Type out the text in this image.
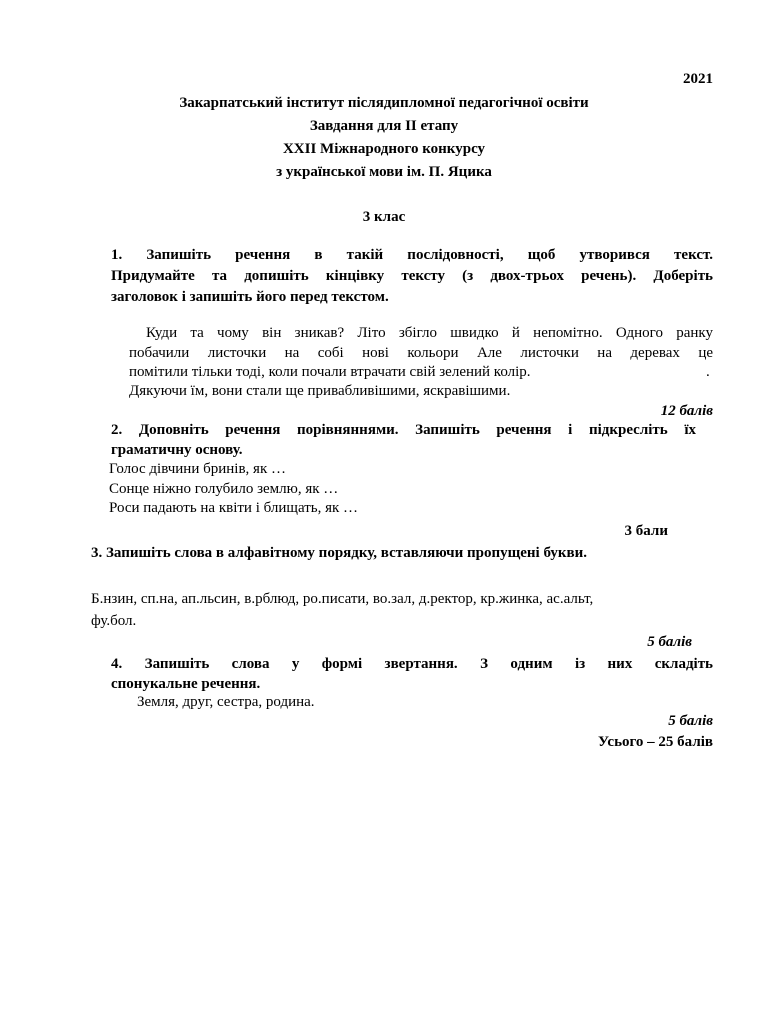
2021
Закарпатський інститут післядипломної педагогічної освіти
Завдання для ІІ етапу
ХХІІ Міжнародного конкурсу
з української мови ім. П. Яцика
3 клас
1. Запишіть речення в такій послідовності, щоб утворився текст.
Придумайте та допишіть кінцівку тексту (з двох-трьох речень). Доберіть
заголовок і запишіть його перед текстом.
Куди та чому він зникав? Літо збігло швидко й непомітно. Одного ранку
побачили листочки на собі нові кольори Але листочки на деревах це
помітили тільки тоді, коли почали втрачати свій зелений колір.	.
Дякуючи їм, вони стали ще привабливішими, яскравішими.
12 балів
2. Доповніть речення порівняннями. Запишіть речення і підкресліть їх
граматичну основу.
Голос дівчини бринів, як …
Сонце ніжно голубило землю, як …
Роси падають на квіти і блищать, як …
3 бали
3. Запишіть слова в алфавітному порядку, вставляючи пропущені букви.
Б.нзин, сп.на, ап.льсин, в.рблюд, ро.писати, во.зал, д.ректор, кр.жинка, ас.альт,
фу.бол.
5 балів
4. Запишіть слова у формі звертання. З одним із них складіть
спонукальне речення.
Земля, друг, сестра, родина.
5 балів
Усього – 25 балів
